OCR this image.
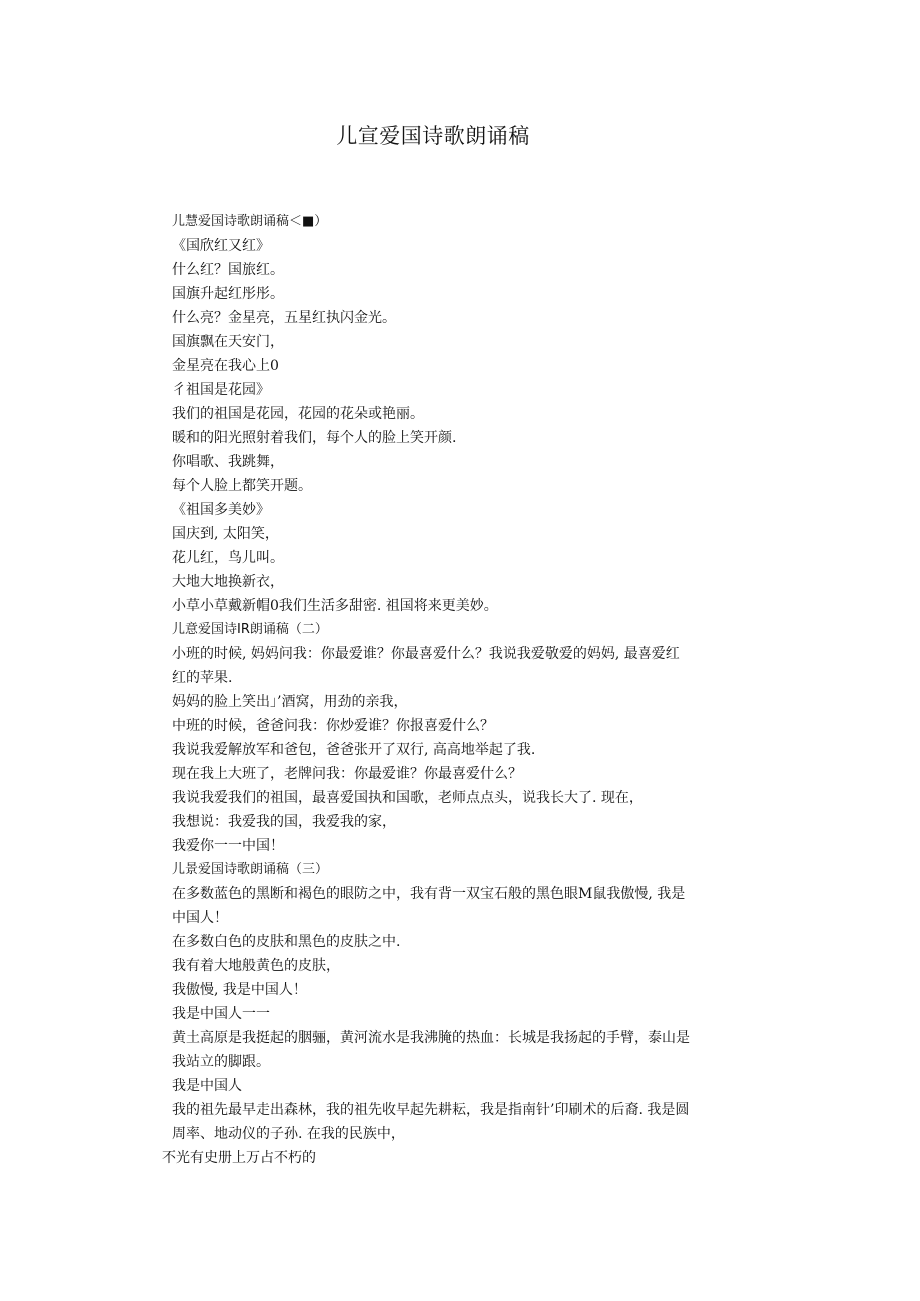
儿宣爱国诗歌朗诵稿
儿慧爱国诗歌朗诵稿＜■）
《国欣红又红》
什么红？国旅红。
国旗升起红彤彤。
什么亮？金星亮，五星红执闪金光。
国旗飘在天安门，
金星亮在我心上0
彳祖国是花园》
我们的祖国是花园，花园的花朵或艳丽。
暖和的阳光照射着我们，每个人的脸上笑开颜.
你唱歌、我跳舞，
每个人脸上都笑开题。
《祖国多美妙》
国庆到, 太阳笑，
花儿红，鸟儿叫。
大地大地换新衣，
小草小草戴新帽0我们生活多甜密. 祖国将来更美妙。
儿意爱国诗IR朗诵稿（二）
小班的时候, 妈妈问我：你最爱谁？你最喜爱什么？我说我爱敬爱的妈妈, 最喜爱红红的苹果.
妈妈的脸上笑出」’酒窝，用劲的亲我，
中班的时候，爸爸问我：你炒爱谁？你报喜爱什么？
我说我爱解放军和爸包，爸爸张开了双行, 高高地举起了我.
现在我上大班了，老牌问我：你最爱谁？你最喜爱什么？
我说我爱我们的祖国，最喜爱国执和国歌，老师点点头，说我长大了. 现在，
我想说：我爱我的国，我爱我的家，
我爱你一一中国！
儿景爱国诗歌朗诵稿（三）
在多数蓝色的黑断和褐色的眼防之中，我有背一双宝石般的黑色眼M鼠我傲慢, 我是中国人！
在多数白色的皮肤和黑色的皮肤之中.
我有着大地般黄色的皮肤，
我傲慢, 我是中国人！
我是中国人一一
黄土高原是我挺起的胭骊，黄河流水是我沸腌的热血：长城是我扬起的手臂，泰山是我站立的脚跟。
我是中国人
我的祖先最早走出森林，我的祖先收早起先耕耘，我是指南针’印刷术的后裔. 我是圆周率、地动仪的子孙. 在我的民族中，
不光有史册上万占不朽的
